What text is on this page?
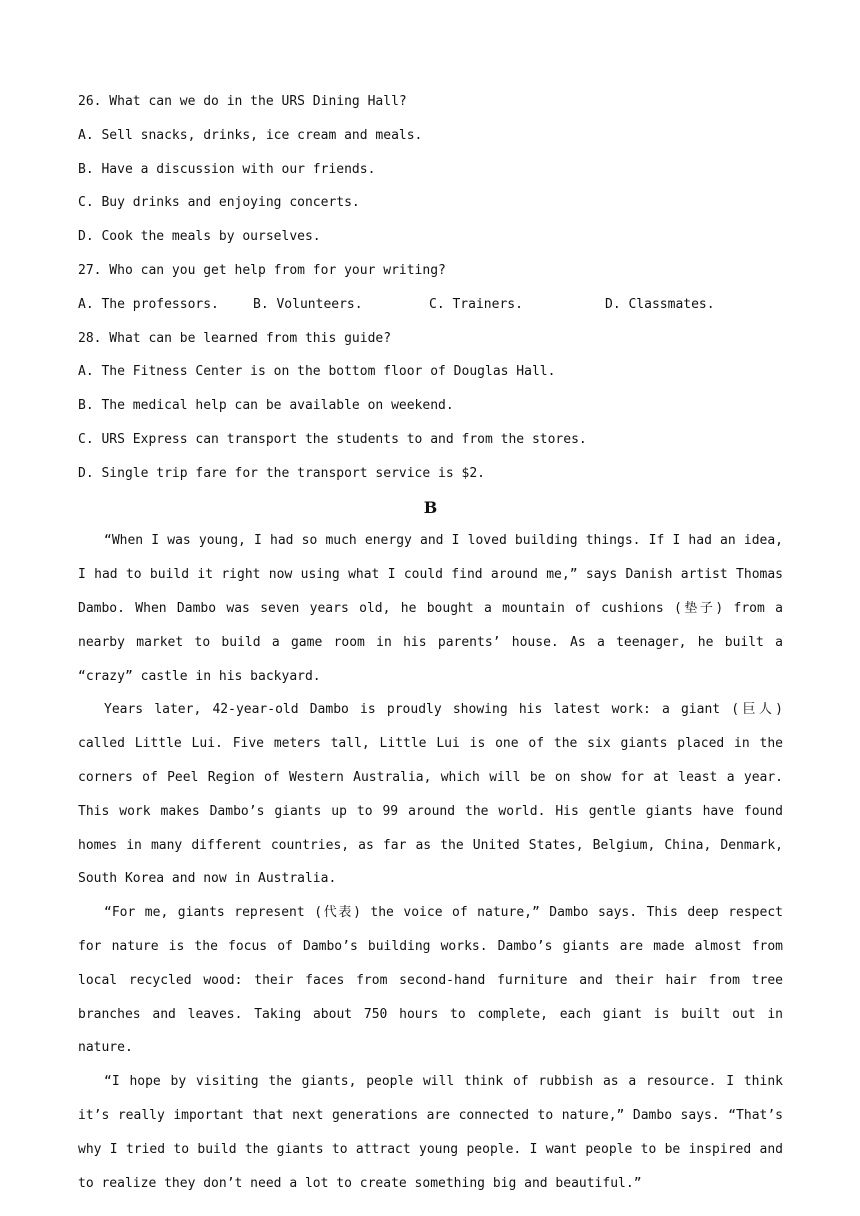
26. What can we do in the URS Dining Hall?
A. Sell snacks, drinks, ice cream and meals.
B. Have a discussion with our friends.
C. Buy drinks and enjoying concerts.
D. Cook the meals by ourselves.
27. Who can you get help from for your writing?
A. The professors.	B. Volunteers.	C. Trainers.	D. Classmates.
28. What can be learned from this guide?
A. The Fitness Center is on the bottom floor of Douglas Hall.
B. The medical help can be available on weekend.
C. URS Express can transport the students to and from the stores.
D. Single trip fare for the transport service is $2.
B

“When I was young, I had so much energy and I loved building things. If I had an idea, I had to build it right now using what I could find around me,” says Danish artist Thomas Dambo. When Dambo was seven years old, he bought a mountain of cushions (垫子) from a nearby market to build a game room in his parents’ house. As a teenager, he built a “crazy” castle in his backyard.

Years later, 42-year-old Dambo is proudly showing his latest work: a giant (巨人) called Little Lui. Five meters tall, Little Lui is one of the six giants placed in the corners of Peel Region of Western Australia, which will be on show for at least a year. This work makes Dambo’s giants up to 99 around the world. His gentle giants have found homes in many different countries, as far as the United States, Belgium, China, Denmark, South Korea and now in Australia.

“For me, giants represent (代表) the voice of nature,” Dambo says. This deep respect for nature is the focus of Dambo’s building works. Dambo’s giants are made almost from local recycled wood: their faces from second-hand furniture and their hair from tree branches and leaves. Taking about 750 hours to complete, each giant is built out in nature.

“I hope by visiting the giants, people will think of rubbish as a resource. I think it’s really important that next generations are connected to nature,” Dambo says. “That’s why I tried to build the giants to attract young people. I want people to be inspired and to realize they don’t need a lot to create something big and beautiful.”
